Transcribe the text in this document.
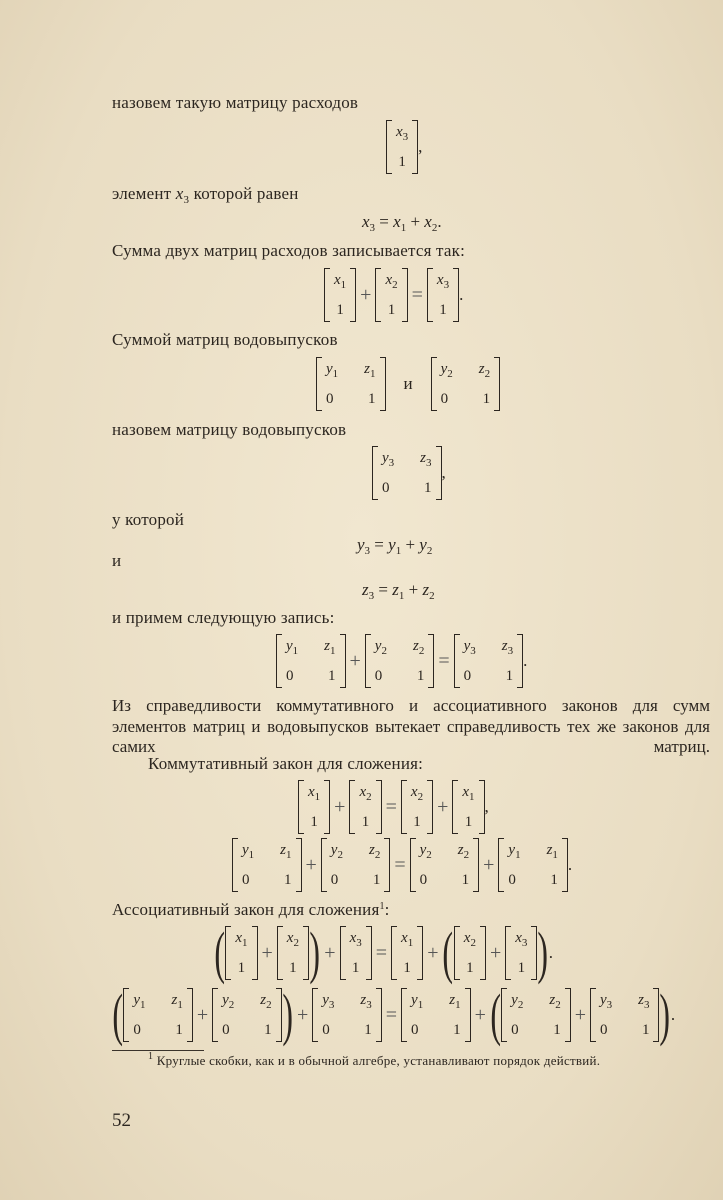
назовем такую матрицу расходов
$x_3$
1
,
элемент $x_3$ которой равен
$x_3 = x_1 + x_2$.
Сумма двух матриц расходов записывается так:
$x_1$
1
+
$x_2$
1
=
$x_3$
1
.
Суммой матриц водовыпусков
$y_1$ $z_1$
0	1
и
$y_2$ $z_2$
0	1
назовем матрицу водовыпусков
$y_3$ $z_3$
0	1
,
у которой
$y_3 = y_1 + y_2$
и
$z_3 = z_1 + z_2$
и примем следующую запись:
$y_1$ $z_1$
0	1
+
$y_2$ $z_2$
0	1
=
$y_3$ $z_3$
0	1
.
Из справедливости коммутативного и ассоциативного законов для сумм элементов матриц и водовыпусков вытекает справедливость тех же законов для самих матриц.
Коммутативный закон для сложения:
$x_1$
1
+
$x_2$
1
=
$x_2$
1
+
$x_1$
1
,
$y_1$ $z_1$
0	1
+
$y_2$ $z_2$
0	1
=
$y_2$ $z_2$
0	1
+
$y_1$ $z_1$
0	1
.
Ассоциативный закон для сложения$^1$:
( $x_1$
1
+
$x_2$
1 ) +
$x_3$
1
=
$x_1$
1
+ ( $x_2$
1
+
$x_3$
1 ) .
( $y_1$ $z_1$
0	1
+
$y_2$ $z_2$
0	1 ) +
$y_3$ $z_3$
0	1
=
$y_1$ $z_1$
0	1
+ ( $y_2$ $z_2$
0	1
+
$y_3$ $z_3$
0	1 ) .
$^1$ Круглые скобки, как и в обычной алгебре, устанавливают порядок действий.
52
